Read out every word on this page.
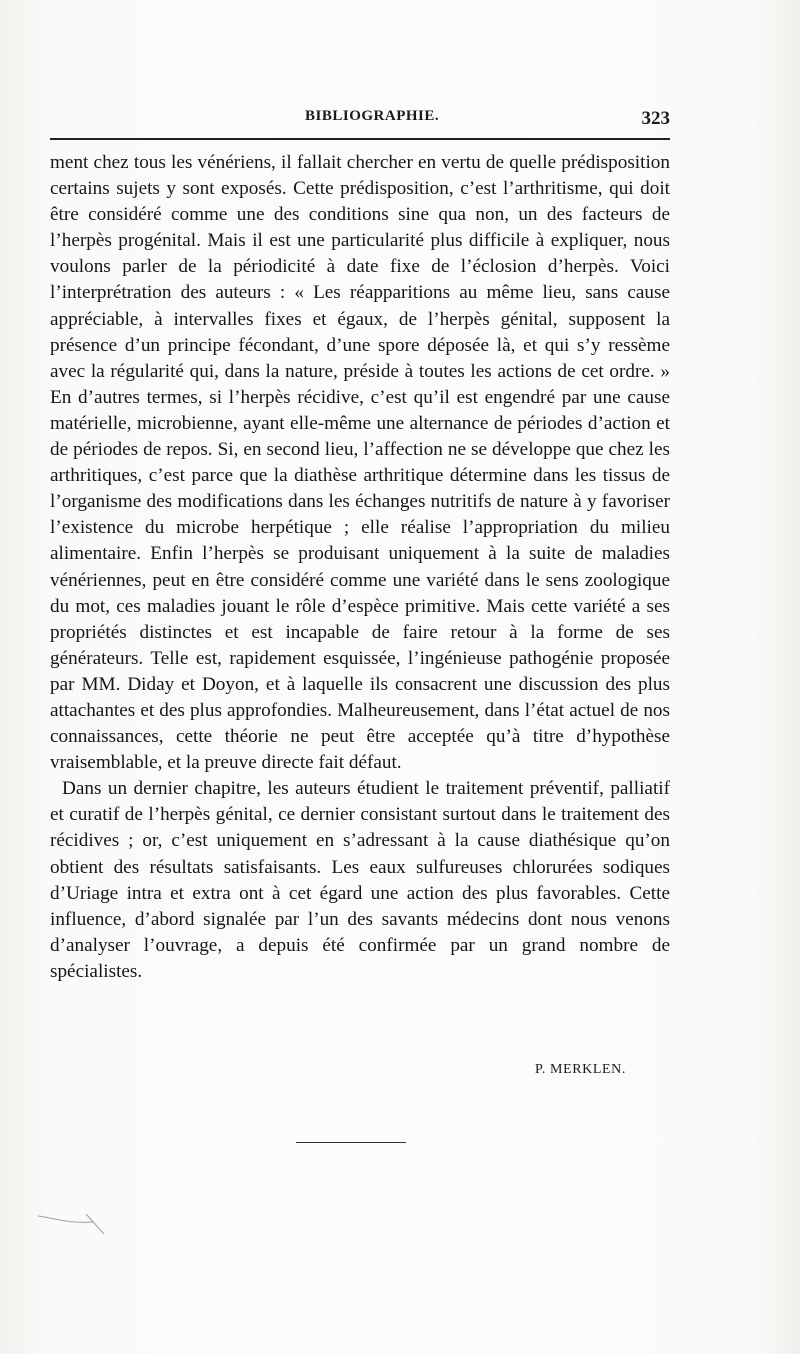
BIBLIOGRAPHIE.	323

ment chez tous les vénériens, il fallait chercher en vertu de quelle prédisposition certains sujets y sont exposés. Cette prédisposition, c’est l’arthritisme, qui doit être considéré comme une des conditions sine qua non, un des facteurs de l’herpès progénital. Mais il est une particularité plus difficile à expliquer, nous voulons parler de la périodicité à date fixe de l’éclosion d’herpès. Voici l’interprétration des auteurs : « Les réapparitions au même lieu, sans cause appréciable, à intervalles fixes et égaux, de l’herpès génital, supposent la présence d’un principe fécondant, d’une spore déposée là, et qui s’y ressème avec la régularité qui, dans la nature, préside à toutes les actions de cet ordre. » En d’autres termes, si l’herpès récidive, c’est qu’il est engendré par une cause matérielle, microbienne, ayant elle-même une alternance de périodes d’action et de périodes de repos. Si, en second lieu, l’affection ne se développe que chez les arthritiques, c’est parce que la diathèse arthritique détermine dans les tissus de l’organisme des modifications dans les échanges nutritifs de nature à y favoriser l’existence du microbe herpétique ; elle réalise l’appropriation du milieu alimentaire. Enfin l’herpès se produisant uniquement à la suite de maladies vénériennes, peut en être considéré comme une variété dans le sens zoologique du mot, ces maladies jouant le rôle d’espèce primitive. Mais cette variété a ses propriétés distinctes et est incapable de faire retour à la forme de ses générateurs. Telle est, rapidement esquissée, l’ingénieuse pathogénie proposée par MM. Diday et Doyon, et à laquelle ils consacrent une discussion des plus attachantes et des plus approfondies. Malheureusement, dans l’état actuel de nos connaissances, cette théorie ne peut être acceptée qu’à titre d’hypothèse vraisemblable, et la preuve directe fait défaut.

Dans un dernier chapitre, les auteurs étudient le traitement préventif, palliatif et curatif de l’herpès génital, ce dernier consistant surtout dans le traitement des récidives ; or, c’est uniquement en s’adressant à la cause diathésique qu’on obtient des résultats satisfaisants. Les eaux sulfureuses chlorurées sodiques d’Uriage intra et extra ont à cet égard une action des plus favorables. Cette influence, d’abord signalée par l’un des savants médecins dont nous venons d’analyser l’ouvrage, a depuis été confirmée par un grand nombre de spécialistes.

P. MERKLEN.
